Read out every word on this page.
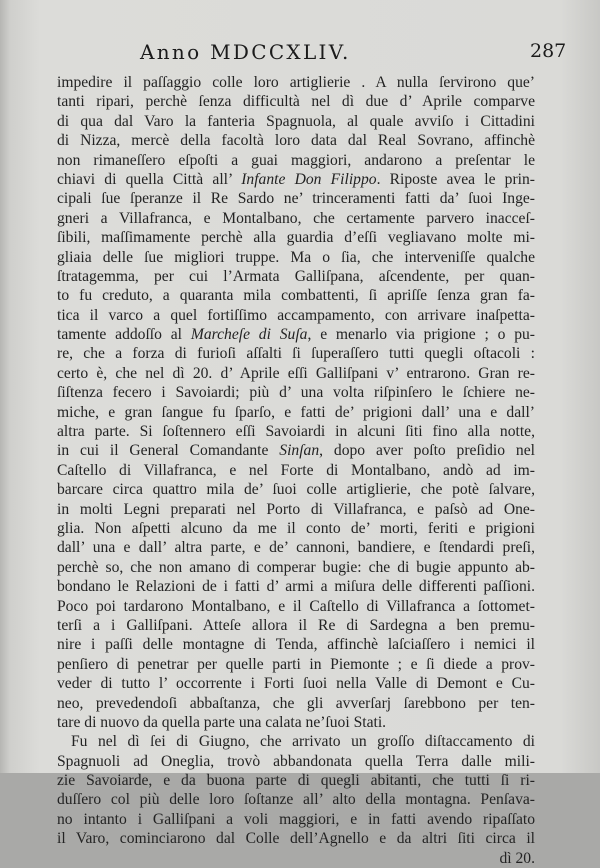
Anno MDCCXLIV.	287
impedire il paſſaggio colle loro artiglierie . A nulla ſervirono que’
tanti ripari, perchè ſenza difficultà nel dì due d’ Aprile comparve
di qua dal Varo la fanteria Spagnuola, al quale avviſo i Cittadini
di Nizza, mercè della facoltà loro data dal Real Sovrano, affinchè
non rimaneſſero eſpoſti a guai maggiori, andarono a preſentar le
chiavi di quella Città all’ Infante Don Filippo. Riposte avea le prin-
cipali ſue ſperanze il Re Sardo ne’ trinceramenti fatti da’ ſuoi Inge-
gneri a Villafranca, e Montalbano, che certamente parvero inacceſ-
ſibili, maſſimamente perchè alla guardia d’eſſi vegliavano molte mi-
gliaia delle ſue migliori truppe. Ma o ſia, che interveniſſe qualche
ſtratagemma, per cui l’Armata Galliſpana, aſcendente, per quan-
to fu creduto, a quaranta mila combattenti, ſi apriſſe ſenza gran fa-
tica il varco a quel fortiſſimo accampamento, con arrivare inaſpetta-
tamente addoſſo al Marcheſe di Suſa, e menarlo via prigione ; o pu-
re, che a forza di furioſi aſſalti ſi ſuperaſſero tutti quegli oſtacoli :
certo è, che nel dì 20. d’ Aprile eſſi Galliſpani v’ entrarono. Gran re-
ſiſtenza fecero i Savoiardi; più d’ una volta riſpinſero le ſchiere ne-
miche, e gran ſangue fu ſparſo, e fatti de’ prigioni dall’ una e dall’
altra parte. Si ſoſtennero eſſi Savoiardi in alcuni ſiti fino alla notte,
in cui il General Comandante Sinſan, dopo aver poſto preſidio nel
Caſtello di Villafranca, e nel Forte di Montalbano, andò ad im-
barcare circa quattro mila de’ ſuoi colle artiglierie, che potè ſalvare,
in molti Legni preparati nel Porto di Villafranca, e paſsò ad One-
glia. Non aſpetti alcuno da me il conto de’ morti, feriti e prigioni
dall’ una e dall’ altra parte, e de’ cannoni, bandiere, e ſtendardi preſi,
perchè so, che non amano di comperar bugie: che di bugie appunto ab-
bondano le Relazioni de i fatti d’ armi a miſura delle differenti paſſioni.
Poco poi tardarono Montalbano, e il Caſtello di Villafranca a ſottomet-
terſi a i Galliſpani. Atteſe allora il Re di Sardegna a ben premu-
nire i paſſi delle montagne di Tenda, affinchè laſciaſſero i nemici il
penſiero di penetrar per quelle parti in Piemonte ; e ſi diede a prov-
veder di tutto l’ occorrente i Forti ſuoi nella Valle di Demont e Cu-
neo, prevedendoſi abbaſtanza, che gli avverſarj ſarebbono per ten-
tare di nuovo da quella parte una calata ne’ſuoi Stati.
Fu nel dì ſei di Giugno, che arrivato un groſſo diſtaccamento di
Spagnuoli ad Oneglia, trovò abbandonata quella Terra dalle mili-
zie Savoiarde, e da buona parte di quegli abitanti, che tutti ſi ri-
duſſero col più delle loro ſoſtanze all’ alto della montagna. Penſava-
no intanto i Galliſpani a voli maggiori, e in fatti avendo ripaſſato
il Varo, cominciarono dal Colle dell’Agnello e da altri ſiti circa il
dì 20.
